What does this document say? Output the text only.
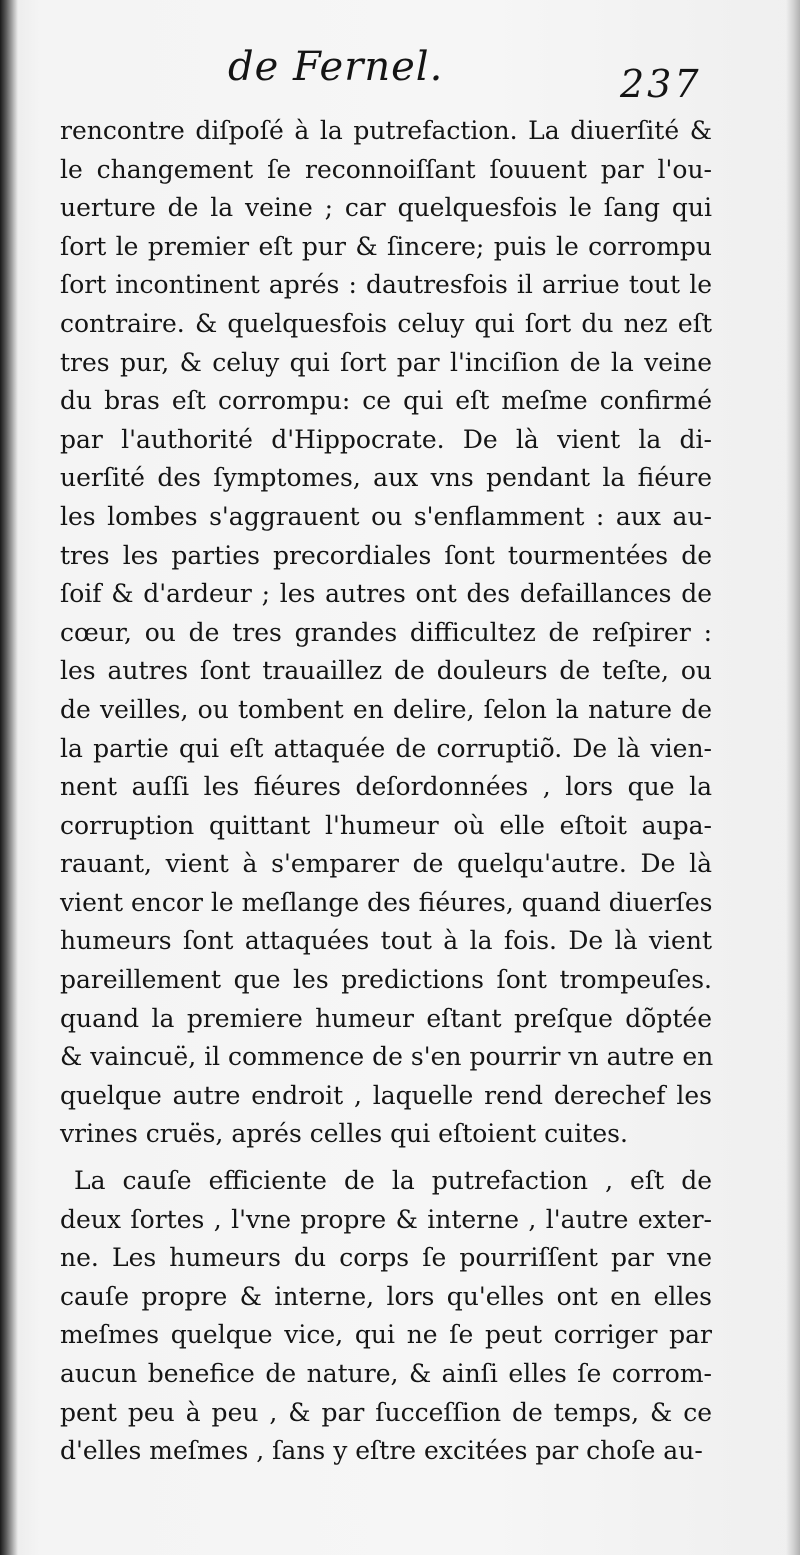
de Fernel.	237
rencontre diſpoſé à la putrefaction. La diuerſité &
le changement ſe reconnoiſſant ſouuent par l'ou-
uerture de la veine ; car quelquesfois le ſang qui
ſort le premier eſt pur & ſincere; puis le corrompu
ſort incontinent aprés : dautresfois il arriue tout le
contraire. & quelquesfois celuy qui ſort du nez eſt
tres pur, & celuy qui ſort par l'inciſion de la veine
du bras eſt corrompu: ce qui eſt meſme confirmé
par l'authorité d'Hippocrate. De là vient la di-
uerſité des ſymptomes, aux vns pendant la fiéure
les lombes s'aggrauent ou s'enflamment : aux au-
tres les parties precordiales ſont tourmentées de
ſoif & d'ardeur ; les autres ont des defaillances de
cœur, ou de tres grandes difficultez de reſpirer :
les autres ſont trauaillez de douleurs de teſte, ou
de veilles, ou tombent en delire, ſelon la nature de
la partie qui eſt attaquée de corruptiõ. De là vien-
nent auſſi les fiéures deſordonnées , lors que la
corruption quittant l'humeur où elle eſtoit aupa-
rauant, vient à s'emparer de quelqu'autre. De là
vient encor le meſlange des fiéures, quand diuerſes
humeurs ſont attaquées tout à la fois. De là vient
pareillement que les predictions ſont trompeuſes.
quand la premiere humeur eſtant preſque dõptée
& vaincuë, il commence de s'en pourrir vn autre en
quelque autre endroit , laquelle rend derechef les
vrines cruës, aprés celles qui eſtoient cuites.
La cauſe efficiente de la putrefaction , eſt de
deux ſortes , l'vne propre & interne , l'autre exter-
ne. Les humeurs du corps ſe pourriſſent par vne
cauſe propre & interne, lors qu'elles ont en elles
meſmes quelque vice, qui ne ſe peut corriger par
aucun benefice de nature, & ainſi elles ſe corrom-
pent peu à peu , & par ſucceſſion de temps, & ce
d'elles meſmes , ſans y eſtre excitées par choſe au-
